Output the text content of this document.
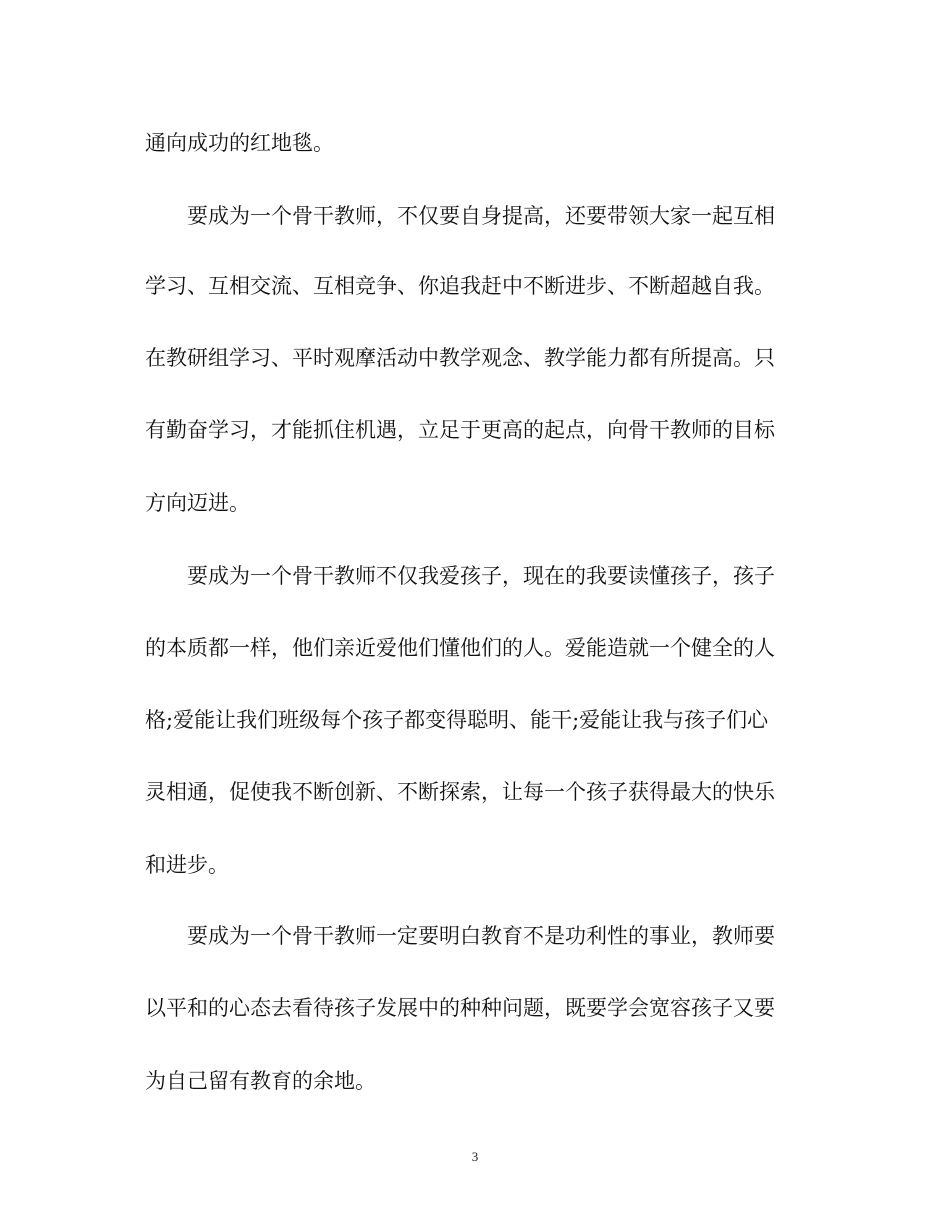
通向成功的红地毯。
要成为一个骨干教师，不仅要自身提高，还要带领大家一起互相
学习、互相交流、互相竞争、你追我赶中不断进步、不断超越自我。
在教研组学习、平时观摩活动中教学观念、教学能力都有所提高。只
有勤奋学习，才能抓住机遇，立足于更高的起点，向骨干教师的目标
方向迈进。
要成为一个骨干教师不仅我爱孩子，现在的我要读懂孩子，孩子
的本质都一样，他们亲近爱他们懂他们的人。爱能造就一个健全的人
格;爱能让我们班级每个孩子都变得聪明、能干;爱能让我与孩子们心
灵相通，促使我不断创新、不断探索，让每一个孩子获得最大的快乐
和进步。
要成为一个骨干教师一定要明白教育不是功利性的事业，教师要
以平和的心态去看待孩子发展中的种种问题，既要学会宽容孩子又要
为自己留有教育的余地。
3
